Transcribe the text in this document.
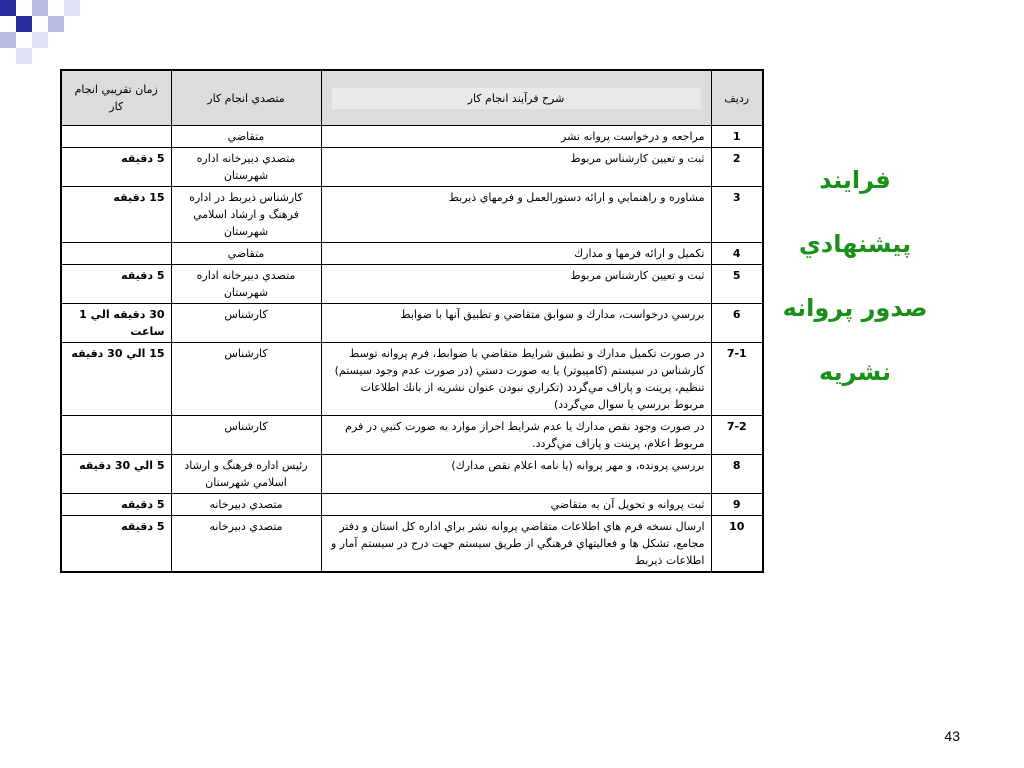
فرايند
پيشنهادي
صدور پروانه
نشريه
رديف	شرح فرآيند انجام كار	متصدي انجام كار	زمان تقريبي انجام كار
1	مراجعه و درخواست پروانه نشر	متقاضي	
2	ثبت و تعيين كارشناس مربوط	متصدي دبيرخانه اداره شهرستان	5 دقيقه
3	مشاوره و راهنمايي و ارائه دستورالعمل و فرمهاي ذيربط	كارشناس ذيربط در اداره فرهنگ و ارشاد اسلامي شهرستان	15 دقيقه
4	تكميل و ارائه فرمها و مدارك	متقاضي	
5	ثبت و تعيين كارشناس مربوط	متصدي دبيرخانه اداره شهرستان	5 دقيقه
6	بررسي درخواست، مدارك و سوابق متقاضي و تطبيق آنها با ضوابط	كارشناس	30 دقيقه الي 1 ساعت
7-1	در صورت تكميل مدارك و تطبيق شرايط متقاضي با ضوابط، فرم پروانه توسط كارشناس در سيستم (كامپيوتر) يا به صورت دستي (در صورت عدم وجود سيستم) تنظيم، پرينت و پاراف مي‌گردد (تكراري نبودن عنوان نشريه از بانك اطلاعات مربوط بررسي يا سوال مي‌گردد)	كارشناس	15 الي 30 دقيقه
7-2	در صورت وجود نقص مدارك يا عدم شرايط احراز موارد به صورت كتبي در فرم مربوط اعلام، پرينت و پاراف مي‌گردد.	كارشناس	
8	بررسي پرونده، و مهر پروانه (يا نامه اعلام نقص مدارك)	رئيس اداره فرهنگ و ارشاد اسلامي شهرستان	5 الي 30 دقيقه
9	ثبت پروانه و تحويل آن به متقاضي	متصدي دبيرخانه	5 دقيقه
10	ارسال نسخه فرم هاي اطلاعات متقاضي پروانه نشر براي اداره كل استان و دفتر مجامع، تشكل ها و فعاليتهاي فرهنگي از طريق سيستم جهت درج در سيستم آمار و اطلاعات ذيربط	متصدي دبيرخانه	5 دقيقه
43
